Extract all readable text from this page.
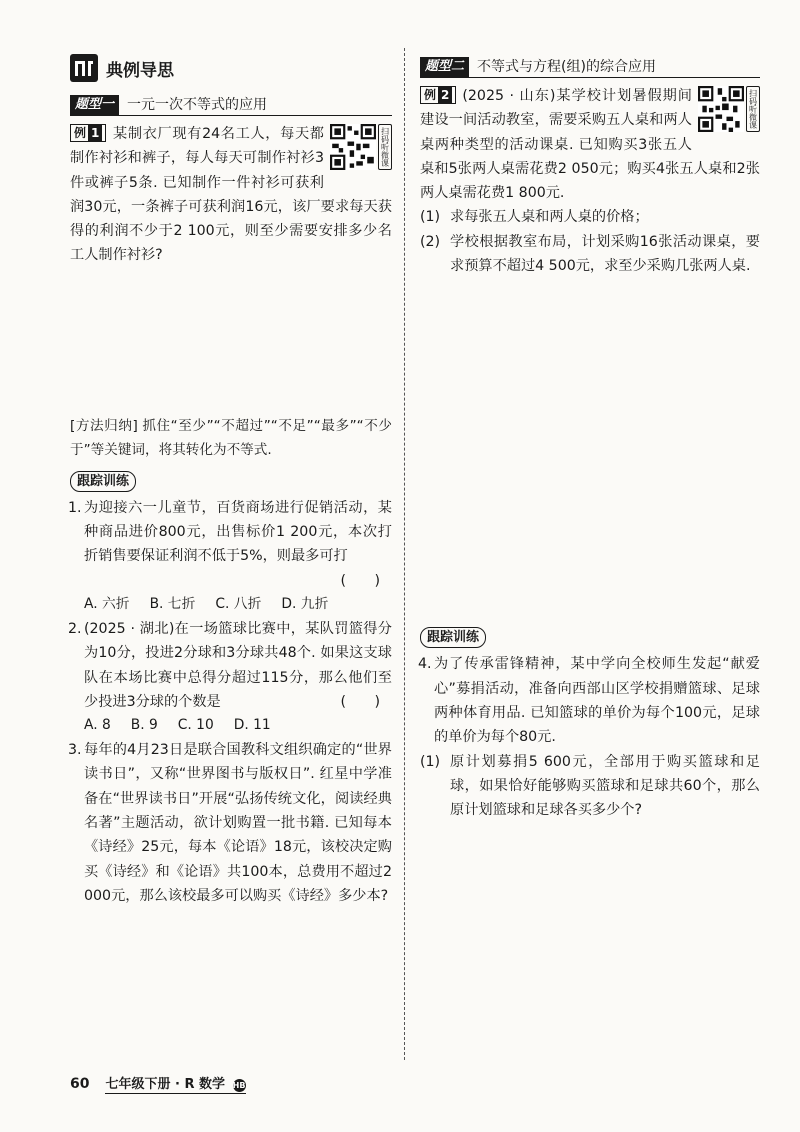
典例导思
题型一 一元一次不等式的应用
扫码听微课
例 1 某制衣厂现有24名工人，每天都制作衬衫和裤子，每人每天可制作衬衫3件或裤子5条. 已知制作一件衬衫可获利润30元，一条裤子可获利润16元，该厂要求每天获得的利润不少于2 100元，则至少需要安排多少名工人制作衬衫?
[方法归纳] 抓住“至少”“不超过”“不足”“最多”“不少于”等关键词，将其转化为不等式.
跟踪训练
1. 为迎接六一儿童节，百货商场进行促销活动，某种商品进价800元，出售标价1 200元，本次打折销售要保证利润不低于5%，则最多可打
(　　)
A. 六折 B. 七折 C. 八折 D. 九折
2. (2025 · 湖北)在一场篮球比赛中，某队罚篮得分为10分，投进2分球和3分球共48个. 如果这支球队在本场比赛中总得分超过115分，那么他们至少投进3分球的个数是	(　　)
A. 8 B. 9 C. 10 D. 11
3. 每年的4月23日是联合国教科文组织确定的“世界读书日”，又称“世界图书与版权日”. 红星中学准备在“世界读书日”开展“弘扬传统文化，阅读经典名著”主题活动，欲计划购置一批书籍. 已知每本《诗经》25元，每本《论语》18元，该校决定购买《诗经》和《论语》共100本，总费用不超过2 000元，那么该校最多可以购买《诗经》多少本?
题型二 不等式与方程(组)的综合应用
扫码听微课
例 2 (2025 · 山东)某学校计划暑假期间建设一间活动教室，需要采购五人桌和两人桌两种类型的活动课桌. 已知购买3张五人桌和5张两人桌需花费2 050元；购买4张五人桌和2张两人桌需花费1 800元.
(1) 求每张五人桌和两人桌的价格；
(2) 学校根据教室布局，计划采购16张活动课桌，要求预算不超过4 500元，求至少采购几张两人桌.
跟踪训练
4. 为了传承雷锋精神，某中学向全校师生发起“献爱心”募捐活动，准备向西部山区学校捐赠篮球、足球两种体育用品. 已知篮球的单价为每个100元，足球的单价为每个80元.
(1) 原计划募捐5 600元，全部用于购买篮球和足球，如果恰好能够购买篮球和足球共60个，那么原计划篮球和足球各买多少个?
60 七年级下册 · R 数学 HB
